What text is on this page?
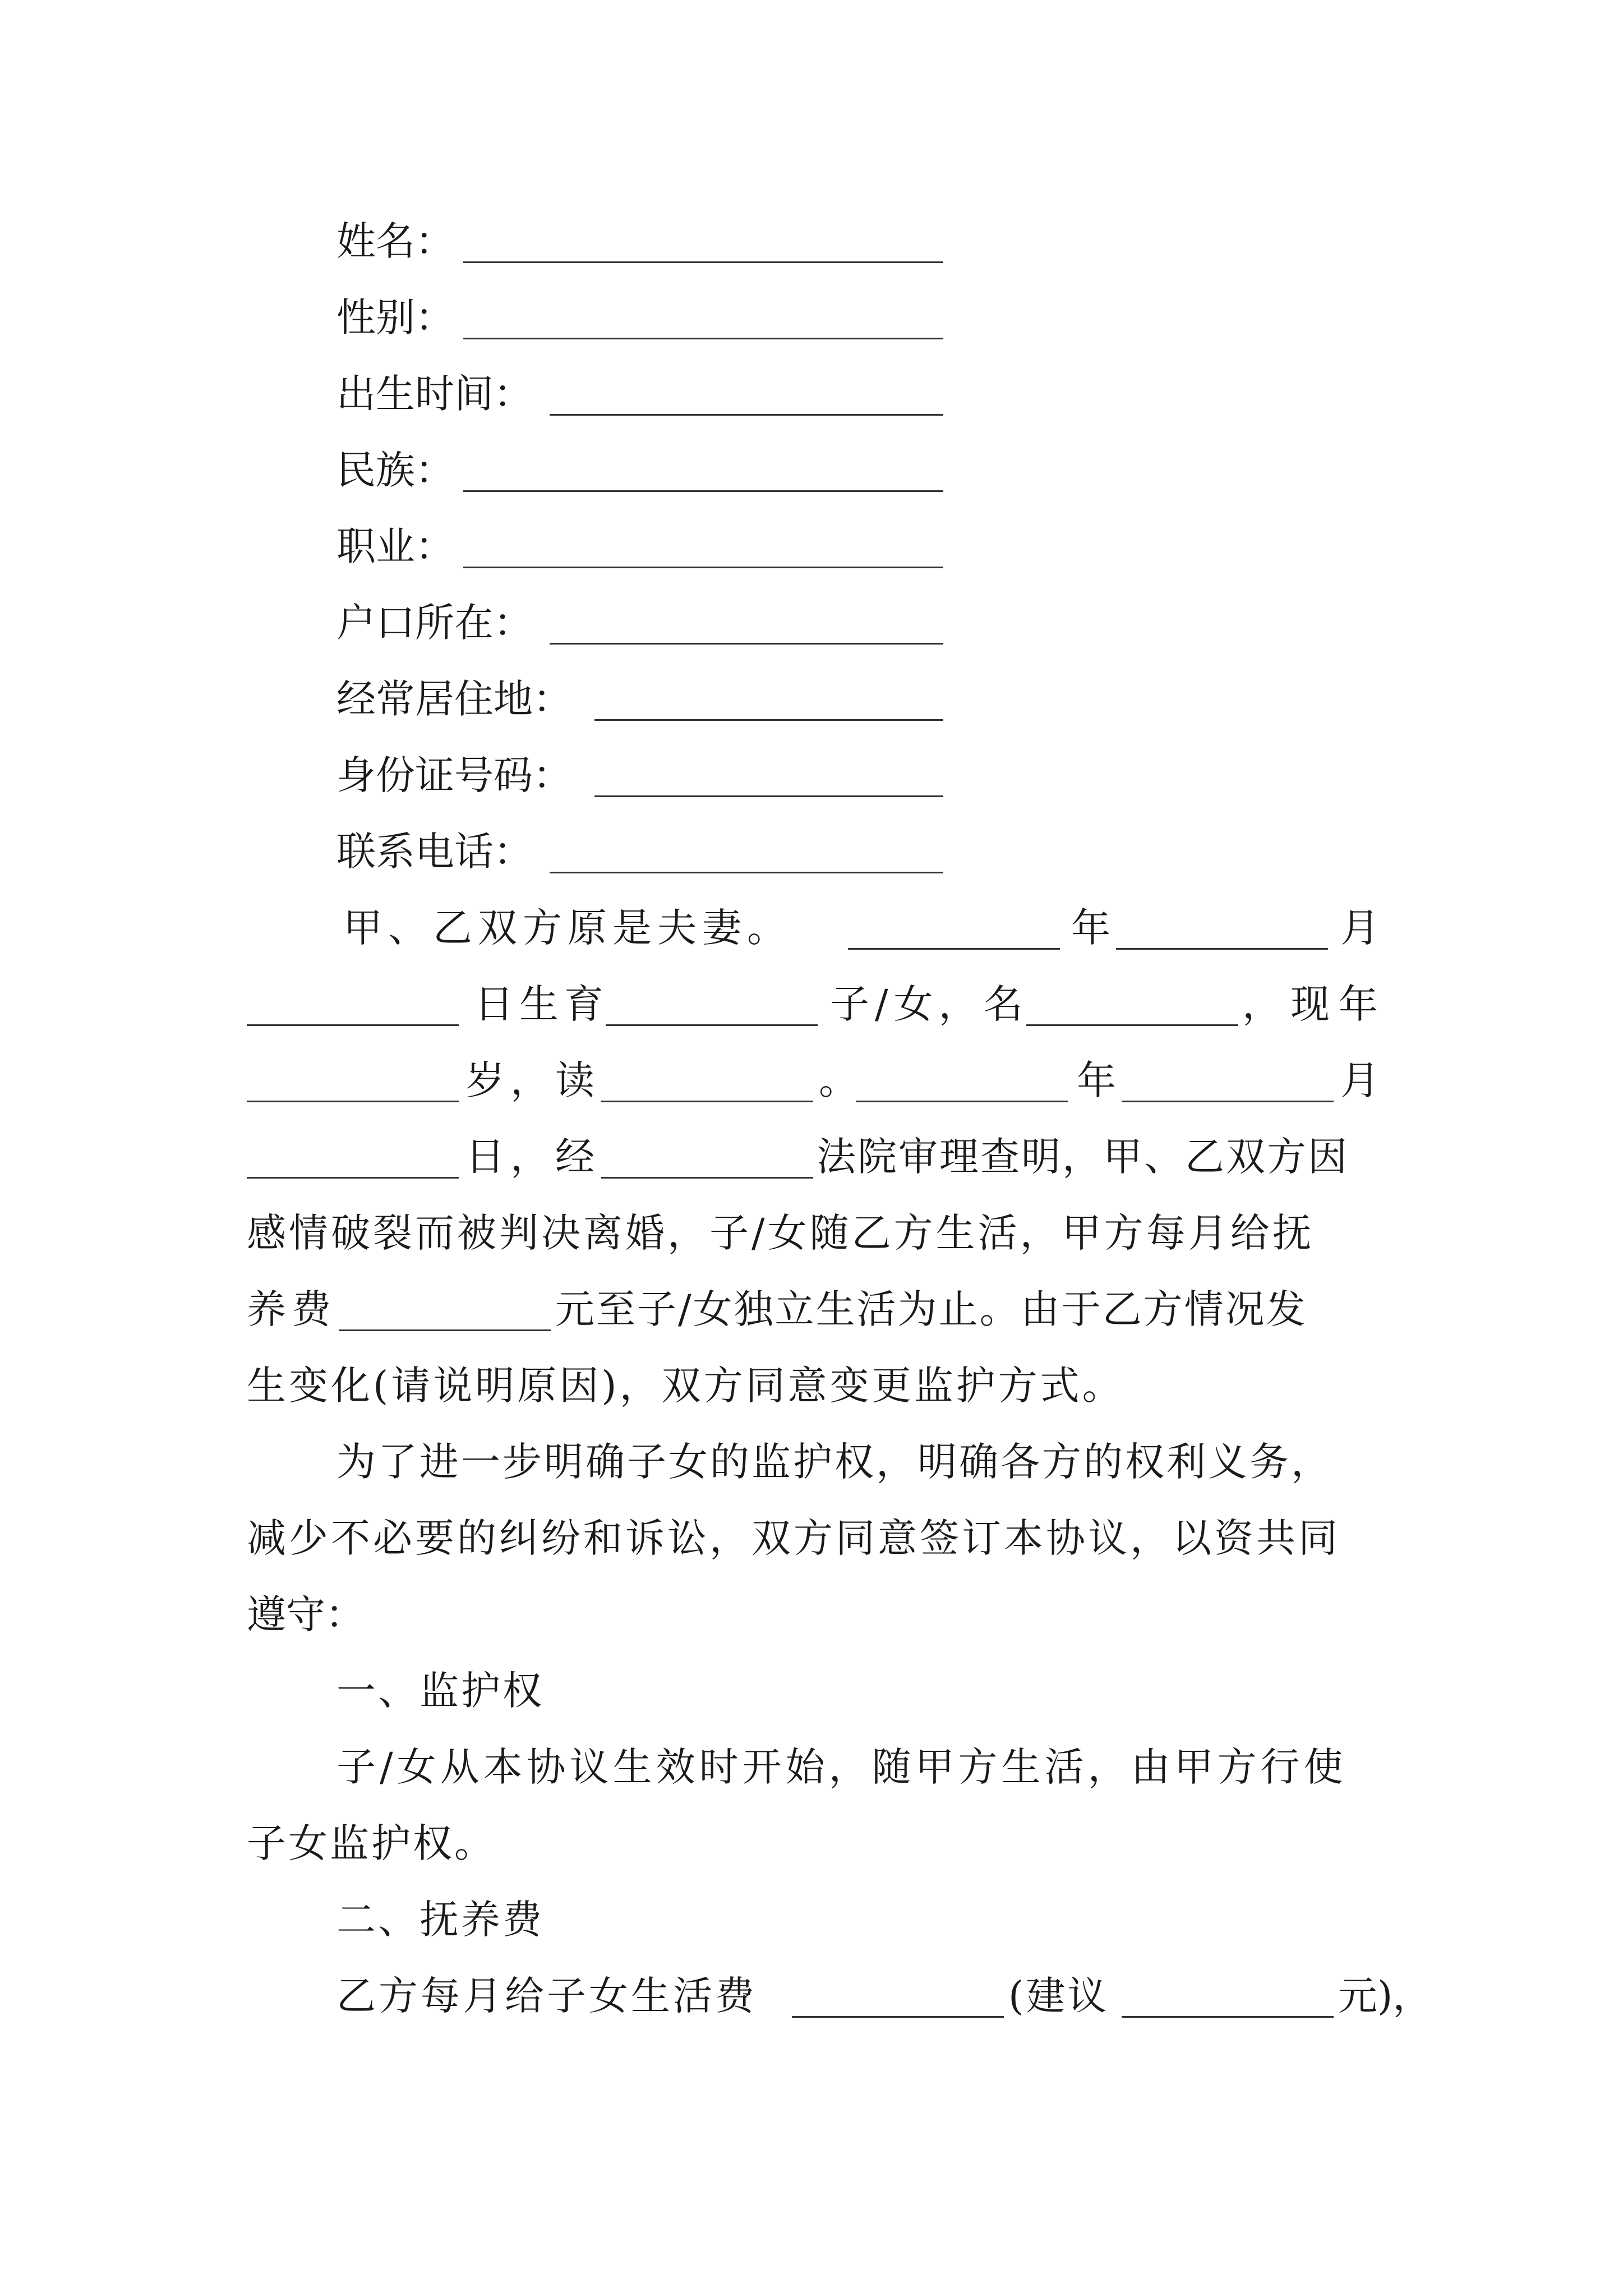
姓名：
性别：
出生时间：
民族：
职业：
户口所在：
经常居住地：
身份证号码：
联系电话：
甲、乙双方原是夫妻。	年	月
日生育	子/女，名	，现年
岁，读	。	年	月
日，经	法院审理查明，甲、乙双方因
感情破裂而被判决离婚，子/女随乙方生活，甲方每月给抚
养费	元至子/女独立生活为止。由于乙方情况发
生变化(请说明原因)，双方同意变更监护方式。
为了进一步明确子女的监护权，明确各方的权利义务，
减少不必要的纠纷和诉讼，双方同意签订本协议，以资共同
遵守：
一、监护权
子/女从本协议生效时开始，随甲方生活，由甲方行使
子女监护权。
二、抚养费
乙方每月给子女生活费	(建议	元)，
